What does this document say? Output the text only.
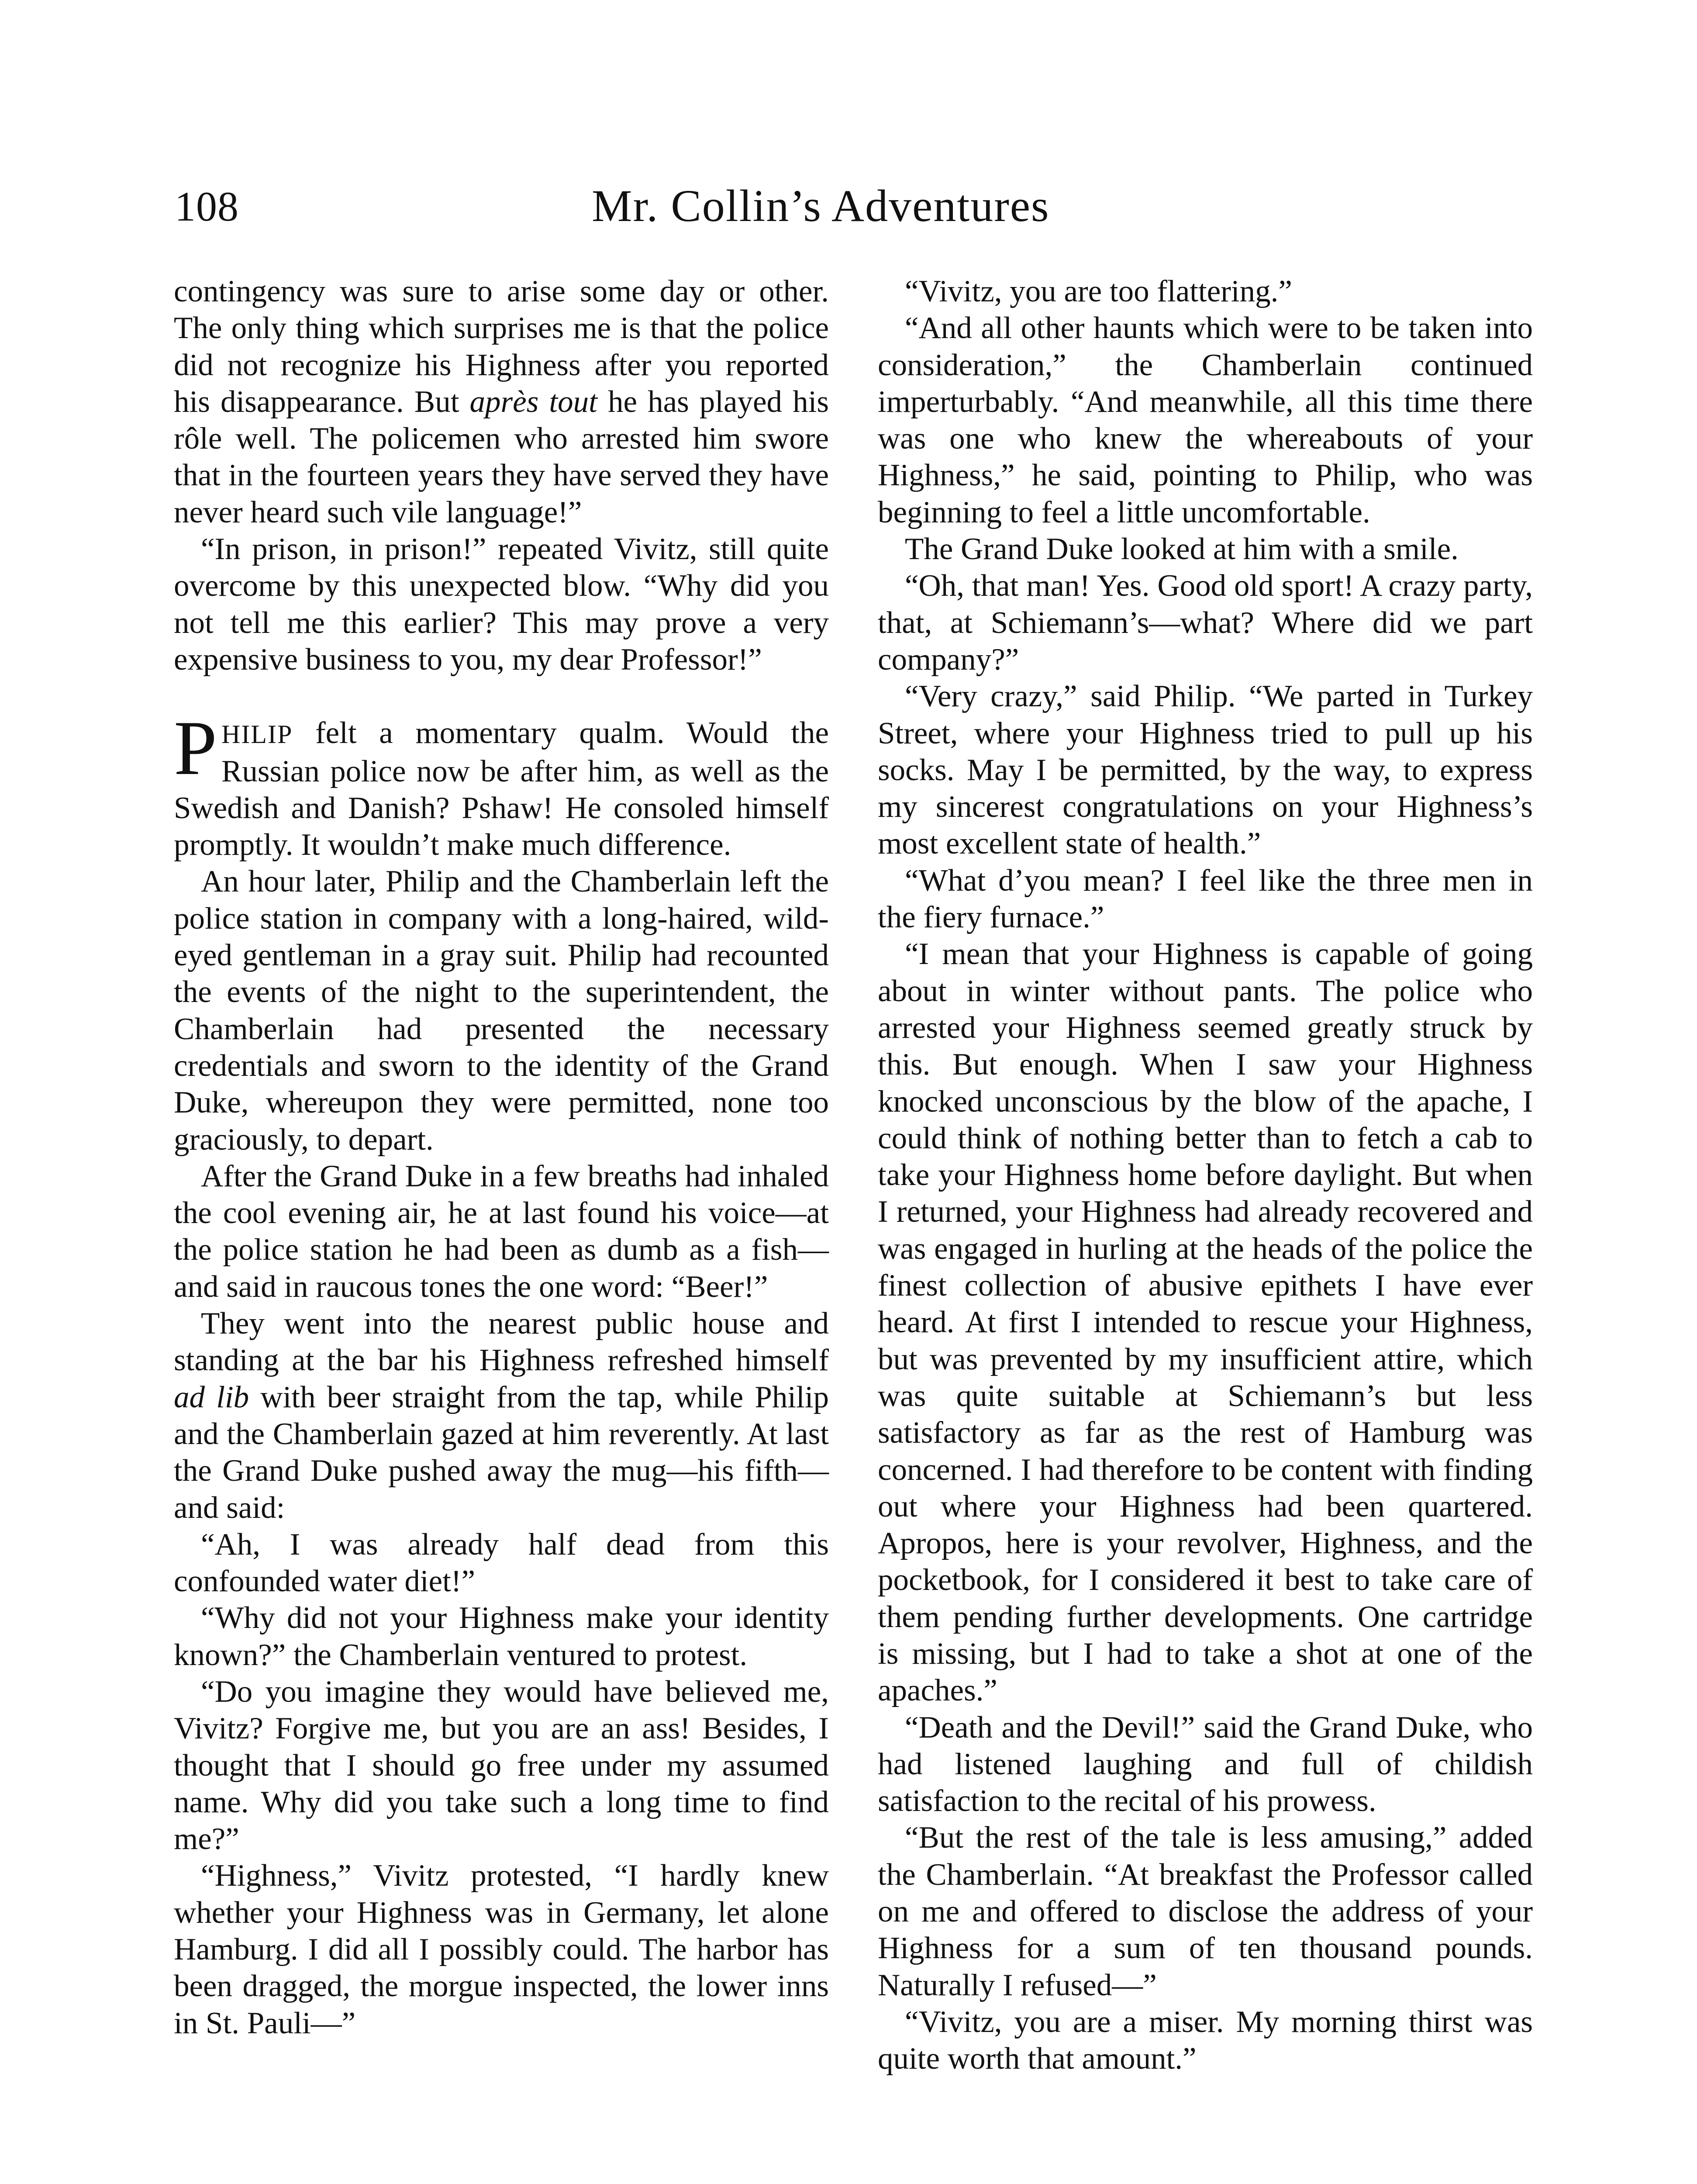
108	Mr. Collin’s Adventures

contingency was sure to arise some day or other. The only thing which surprises me is that the police did not recognize his Highness after you reported his disappearance. But après tout he has played his rôle well. The policemen who arrested him swore that in the fourteen years they have served they have never heard such vile language!”

“In prison, in prison!” repeated Vivitz, still quite overcome by this unexpected blow. “Why did you not tell me this earlier? This may prove a very expensive business to you, my dear Professor!”

PHILIP felt a momentary qualm. Would the Russian police now be after him, as well as the Swedish and Danish? Pshaw! He consoled himself promptly. It wouldn’t make much difference.

An hour later, Philip and the Chamberlain left the police station in company with a long-haired, wild-eyed gentleman in a gray suit. Philip had recounted the events of the night to the superintendent, the Chamberlain had presented the necessary credentials and sworn to the identity of the Grand Duke, whereupon they were permitted, none too graciously, to depart.

After the Grand Duke in a few breaths had inhaled the cool evening air, he at last found his voice—at the police station he had been as dumb as a fish—and said in raucous tones the one word: “Beer!”

They went into the nearest public house and standing at the bar his Highness refreshed himself ad lib with beer straight from the tap, while Philip and the Chamberlain gazed at him reverently. At last the Grand Duke pushed away the mug—his fifth—and said:

“Ah, I was already half dead from this confounded water diet!”

“Why did not your Highness make your identity known?” the Chamberlain ventured to protest.

“Do you imagine they would have believed me, Vivitz? Forgive me, but you are an ass! Besides, I thought that I should go free under my assumed name. Why did you take such a long time to find me?”

“Highness,” Vivitz protested, “I hardly knew whether your Highness was in Germany, let alone Hamburg. I did all I possibly could. The harbor has been dragged, the morgue inspected, the lower inns in St. Pauli—”

“Vivitz, you are too flattering.”

“And all other haunts which were to be taken into consideration,” the Chamberlain continued imperturbably. “And meanwhile, all this time there was one who knew the whereabouts of your Highness,” he said, pointing to Philip, who was beginning to feel a little uncomfortable.

The Grand Duke looked at him with a smile.

“Oh, that man! Yes. Good old sport! A crazy party, that, at Schiemann’s—what? Where did we part company?”

“Very crazy,” said Philip. “We parted in Turkey Street, where your Highness tried to pull up his socks. May I be permitted, by the way, to express my sincerest congratulations on your Highness’s most excellent state of health.”

“What d’you mean? I feel like the three men in the fiery furnace.”

“I mean that your Highness is capable of going about in winter without pants. The police who arrested your Highness seemed greatly struck by this. But enough. When I saw your Highness knocked unconscious by the blow of the apache, I could think of nothing better than to fetch a cab to take your Highness home before daylight. But when I returned, your Highness had already recovered and was engaged in hurling at the heads of the police the finest collection of abusive epithets I have ever heard. At first I intended to rescue your Highness, but was prevented by my insufficient attire, which was quite suitable at Schiemann’s but less satisfactory as far as the rest of Hamburg was concerned. I had therefore to be content with finding out where your Highness had been quartered. Apropos, here is your revolver, Highness, and the pocketbook, for I considered it best to take care of them pending further developments. One cartridge is missing, but I had to take a shot at one of the apaches.”

“Death and the Devil!” said the Grand Duke, who had listened laughing and full of childish satisfaction to the recital of his prowess.

“But the rest of the tale is less amusing,” added the Chamberlain. “At breakfast the Professor called on me and offered to disclose the address of your Highness for a sum of ten thousand pounds. Naturally I refused—”

“Vivitz, you are a miser. My morning thirst was quite worth that amount.”
